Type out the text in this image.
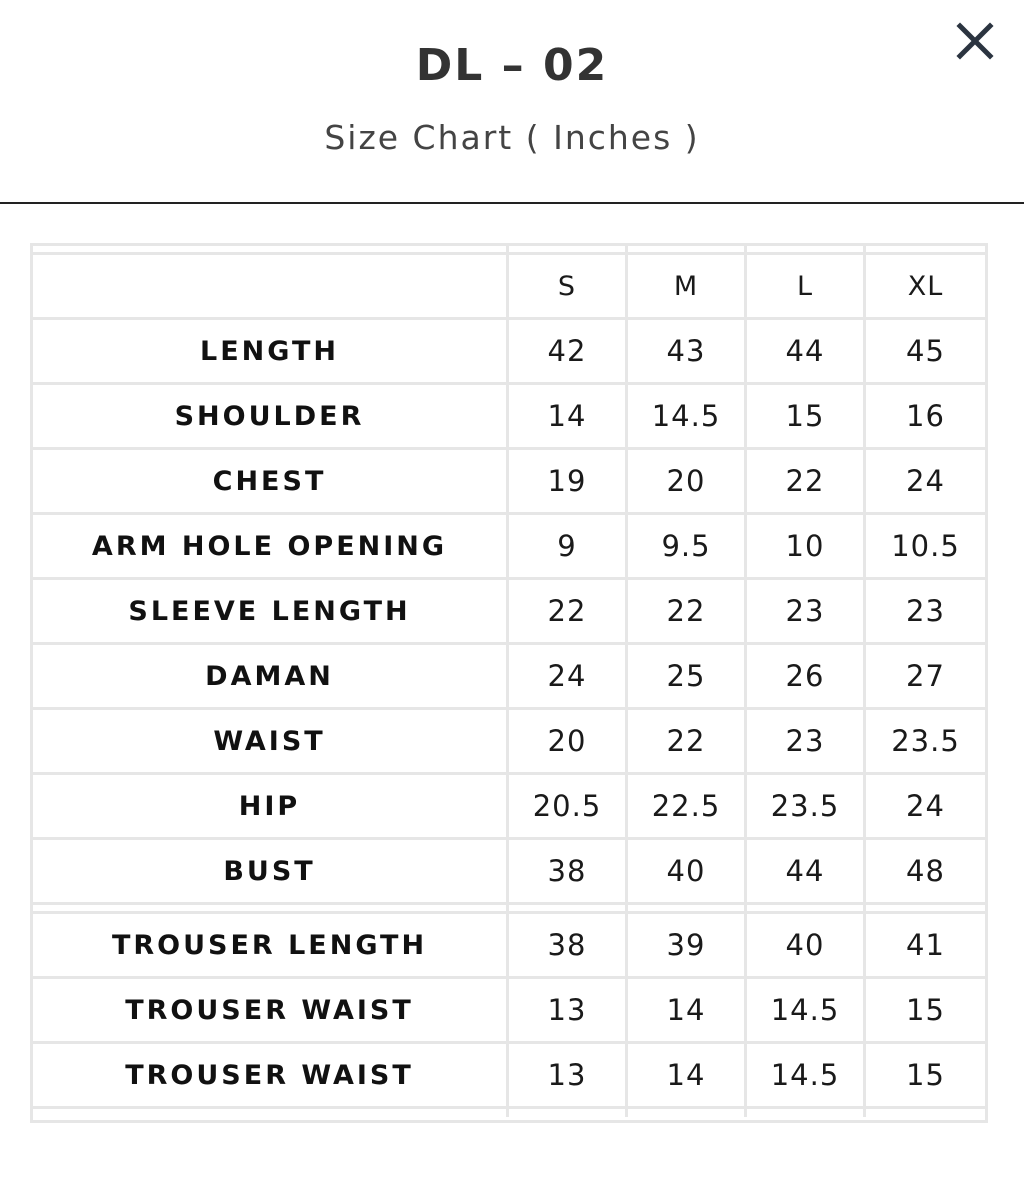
DL – 02
Size Chart ( Inches )

	S	M	L	XL
LENGTH	42	43	44	45
SHOULDER	14	14.5	15	16
CHEST	19	20	22	24
ARM HOLE OPENING	9	9.5	10	10.5
SLEEVE LENGTH	22	22	23	23
DAMAN	24	25	26	27
WAIST	20	22	23	23.5
HIP	20.5	22.5	23.5	24
BUST	38	40	44	48

TROUSER LENGTH	38	39	40	41
TROUSER WAIST	13	14	14.5	15
TROUSER WAIST	13	14	14.5	15
